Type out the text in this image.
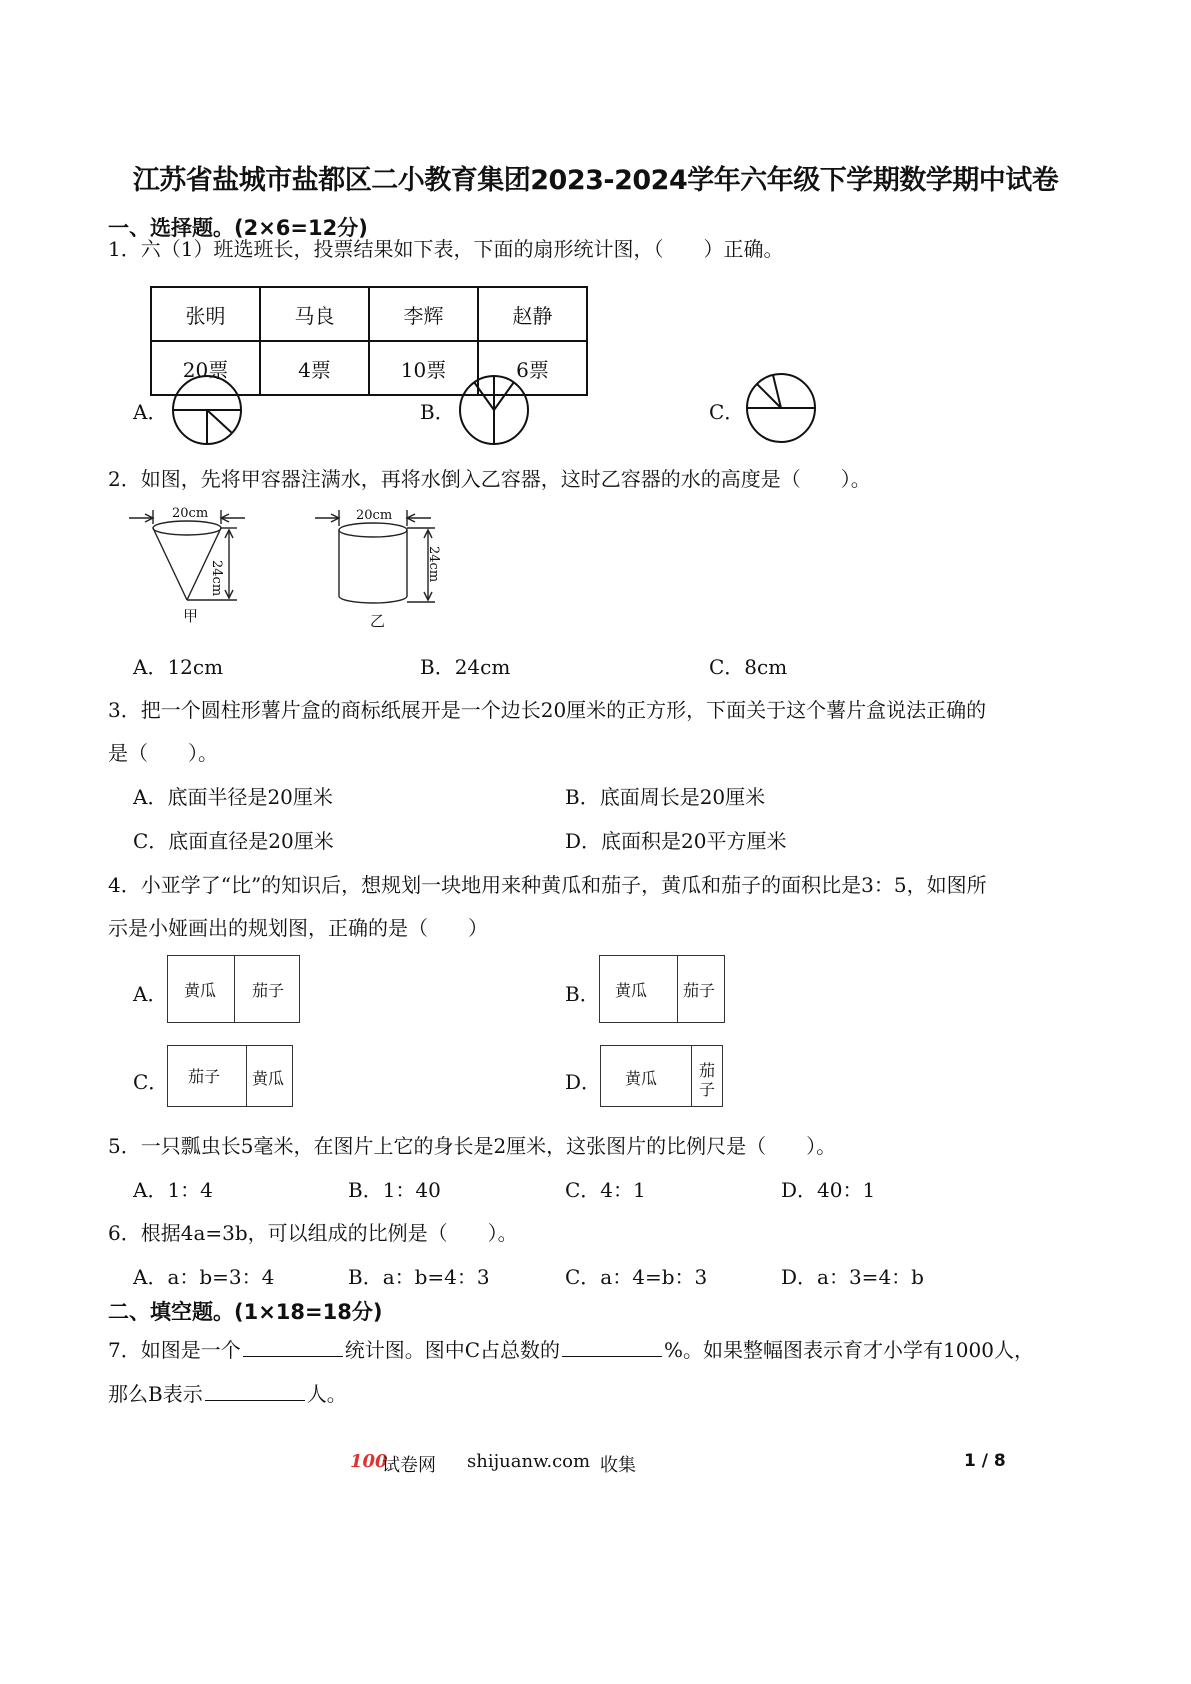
江苏省盐城市盐都区二小教育集团2023-2024学年六年级下学期数学期中试卷
一、选择题。(2×6=12分)
1．六（1）班选班长，投票结果如下表，下面的扇形统计图，（　　）正确。
张明	马良	李辉	赵静
20票	4票	10票	6票
A．	B．	C．
2．如图，先将甲容器注满水，再将水倒入乙容器，这时乙容器的水的高度是（　　）。
20cm	20cm
24cm	24cm
甲	乙
A．12cm	B．24cm	C．8cm
3．把一个圆柱形薯片盒的商标纸展开是一个边长20厘米的正方形，下面关于这个薯片盒说法正确的
是（　　）。
A．底面半径是20厘米	B．底面周长是20厘米
C．底面直径是20厘米	D．底面积是20平方厘米
4．小亚学了“比”的知识后，想规划一块地用来种黄瓜和茄子，黄瓜和茄子的面积比是3：5，如图所
示是小娅画出的规划图，正确的是（　　）
A． 黄瓜 茄子	B． 黄瓜 茄子
C． 茄子 黄瓜	D． 黄瓜	茄
子
5．一只瓢虫长5毫米，在图片上它的身长是2厘米，这张图片的比例尺是（　　）。
A．1：4	B．1：40	C．4：1	D．40：1
6．根据4a=3b，可以组成的比例是（　　）。
A．a：b=3：4	B．a：b=4：3	C．a：4=b：3	D．a：3=4：b
二、填空题。(1×18=18分)
7．如图是一个	统计图。图中C占总数的	%。如果整幅图表示育才小学有1000人，
那么B表示	人。
100
试卷网 shijuanw.com 收集	1 / 8
